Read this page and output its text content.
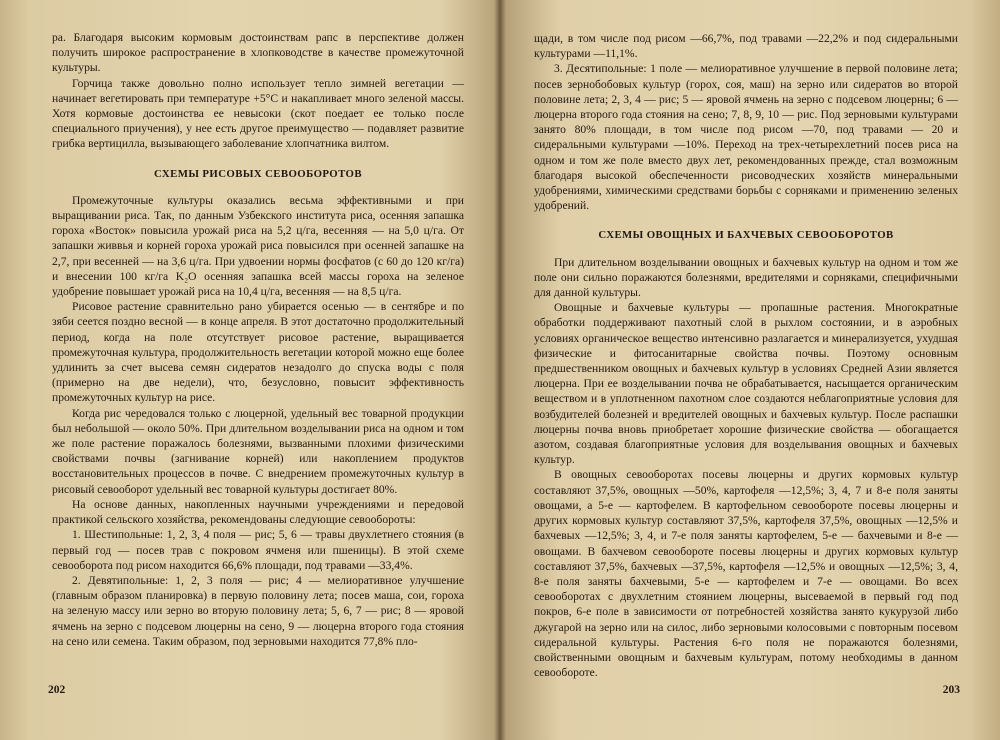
ра. Благодаря высоким кормовым достоинствам рапс в перспективе должен получить широкое распространение в хлопководстве в качестве промежуточной культуры.

Горчица также довольно полно использует тепло зимней вегетации — начинает вегетировать при температуре +5°С и накапливает много зеленой массы. Хотя кормовые достоинства ее невысоки (скот поедает ее только после специального приучения), у нее есть другое преимущество — подавляет развитие грибка вертициллa, вызывающего заболевание хлопчатника вилтом.

СХЕМЫ РИСОВЫХ СЕВООБОРОТОВ

Промежуточные культуры оказались весьма эффективными и при выращивании риса. Так, по данным Узбекского института риса, осенняя запашка гороха «Восток» повысила урожай риса на 5,2 ц/га, весенняя — на 5,0 ц/га. От запашки живвья и корней гороха урожай риса повысился при осенней запашке на 2,7, при весенней — на 3,6 ц/га. При удвоении нормы фосфатов (с 60 до 120 кг/га) и внесении 100 кг/га K₂O осенняя запашка всей массы гороха на зеленое удобрение повышает урожай риса на 10,4 ц/га, весенняя — на 8,5 ц/га.

Рисовое растение сравнительно рано убирается осенью — в сентябре и по зяби сеется поздно весной — в конце апреля. В этот достаточно продолжительный период, когда на поле отсутствует рисовое растение, выращивается промежуточная культура, продолжительность вегетации которой можно еще более удлинить за счет высева семян сидератов незадолго до спуска воды с поля (примерно на две недели), что, безусловно, повысит эффективность промежуточных культур на рисе.

Когда рис чередовался только с люцерной, удельный вес товарной продукции был небольшой — около 50%. При длительном возделывании риса на одном и том же поле растение поражалось болезнями, вызванными плохими физическими свойствами почвы (загнивание корней) или накоплением продуктов восстановительных процессов в почве. С внедрением промежуточных культур в рисовый севооборот удельный вес товарной культуры достигает 80%.

На основе данных, накопленных научными учреждениями и передовой практикой сельского хозяйства, рекомендованы следующие севообороты:

1. Шестипольные: 1, 2, 3, 4 поля — рис; 5, 6 — травы двухлетнего стояния (в первый год — посев трав с покровом ячменя или пшеницы). В этой схеме севооборота под рисом находится 66,6% площади, под травами —33,4%.

2. Девятипольные: 1, 2, 3 поля — рис; 4 — мелиоративное улучшение (главным образом планировка) в первую половину лета; посев маша, сои, гороха на зеленую массу или зерно во вторую половину лета; 5, 6, 7 — рис; 8 — яровой ячмень на зерно с подсевом люцерны на сено, 9 — люцерна второго года стояния на сено или семена. Таким образом, под зерновыми находится 77,8% пло-

202

щади, в том числе под рисом —66,7%, под травами —22,2% и под сидеральными культурами —11,1%.

3. Десятипольные: 1 поле — мелиоративное улучшение в первой половине лета; посев зернобобовых культур (горох, соя, маш) на зерно или сидератов во второй половине лета; 2, 3, 4 — рис; 5 — яровой ячмень на зерно с подсевом люцерны; 6 — люцерна второго года стояния на сено; 7, 8, 9, 10 — рис. Под зерновыми культурами занято 80% площади, в том числе под рисом —70, под травами — 20 и сидеральными культурами —10%. Переход на трех-четырехлетний посев риса на одном и том же поле вместо двух лет, рекомендованных прежде, стал возможным благодаря высокой обеспеченности рисоводческих хозяйств минеральными удобрениями, химическими средствами борьбы с сорняками и применению зеленых удобрений.

СХЕМЫ ОВОЩНЫХ И БАХЧЕВЫХ СЕВООБОРОТОВ

При длительном возделывании овощных и бахчевых культур на одном и том же поле они сильно поражаются болезнями, вредителями и сорняками, специфичными для данной культуры.

Овощные и бахчевые культуры — пропашные растения. Многократные обработки поддерживают пахотный слой в рыхлом состоянии, и в аэробных условиях органическое вещество интенсивно разлагается и минерализуется, ухудшая физические и фитосанитарные свойства почвы. Поэтому основным предшественником овощных и бахчевых культур в условиях Средней Азии является люцерна. При ее возделывании почва не обрабатывается, насыщается органическим веществом и в уплотненном пахотном слое создаются неблагоприятные условия для возбудителей болезней и вредителей овощных и бахчевых культур. После распашки люцерны почва вновь приобретает хорошие физические свойства — обогащается азотом, создавая благоприятные условия для возделывания овощных и бахчевых культур.

В овощных севооборотах посевы люцерны и других кормовых культур составляют 37,5%, овощных —50%, картофеля —12,5%; 3, 4, 7 и 8-е поля заняты овощами, а 5-е — картофелем. В картофельном севообороте посевы люцерны и других кормовых культур составляют 37,5%, картофеля 37,5%, овощных —12,5% и бахчевых —12,5%; 3, 4, и 7-е поля заняты картофелем, 5-е — бахчевыми и 8-е — овощами. В бахчевом севообороте посевы люцерны и других кормовых культур составляют 37,5%, бахчевых —37,5%, картофеля —12,5% и овощных —12,5%; 3, 4, 8-е поля заняты бахчевыми, 5-е — картофелем и 7-е — овощами. Во всех севооборотах с двухлетним стоянием люцерны, высеваемой в первый год под покров, 6-е поле в зависимости от потребностей хозяйства занято кукурузой либо джугарой на зерно или на силос, либо зерновыми колосовыми с повторным посевом сидеральной культуры. Растения 6-го поля не поражаются болезнями, свойственными овощным и бахчевым культурам, потому необходимы в данном севообороте.

203
